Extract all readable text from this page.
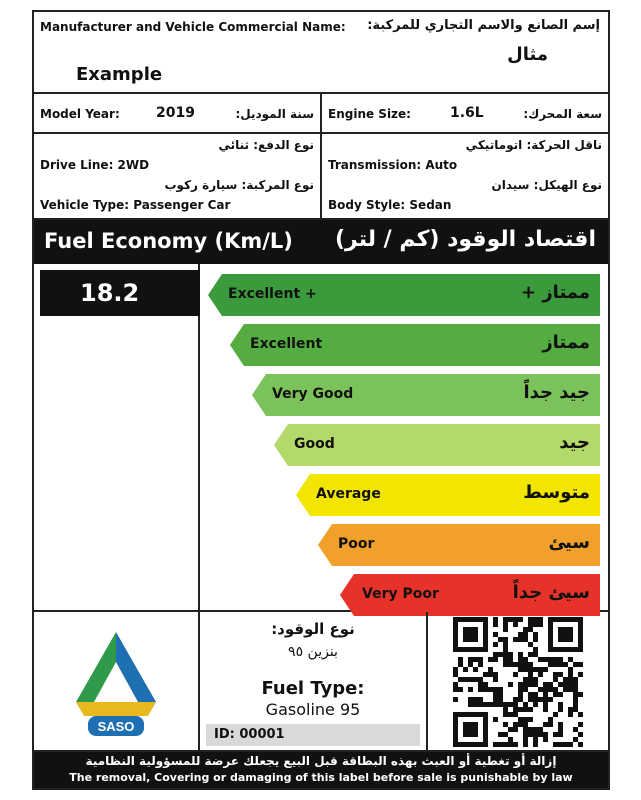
Manufacturer and Vehicle Commercial Name: إسم الصانع والاسم التجاري للمركبة:
Example
مثال
Model Year:	2019	سنة الموديل: Engine Size:	1.6L	سعة المحرك:
نوع الدفع: ثنائي
Drive Line: 2WD
نوع المركبة: سيارة ركوب
Vehicle Type: Passenger Car
ناقل الحركة: اتوماتيكي
Transmission: Auto
نوع الهيكل: سيدان
Body Style: Sedan
Fuel Economy (Km/L) اقتصاد الوقود (كم / لتر)
18.2	Excellent +	ممتاز +
Excellent	ممتاز
Very Good	جيد جداً
Good	جيد
Average	متوسط
Poor	سيئ
Very Poor	سيئ جداً
SASO
نوع الوقود:
بنزين ٩٥
Fuel Type:
Gasoline 95
ID: 00001
إزالة أو تغطية أو العبث بهذه البطاقة قبل البيع يجعلك عرضة للمسؤولية النظامية
The removal, Covering or damaging of this label before sale is punishable by law
